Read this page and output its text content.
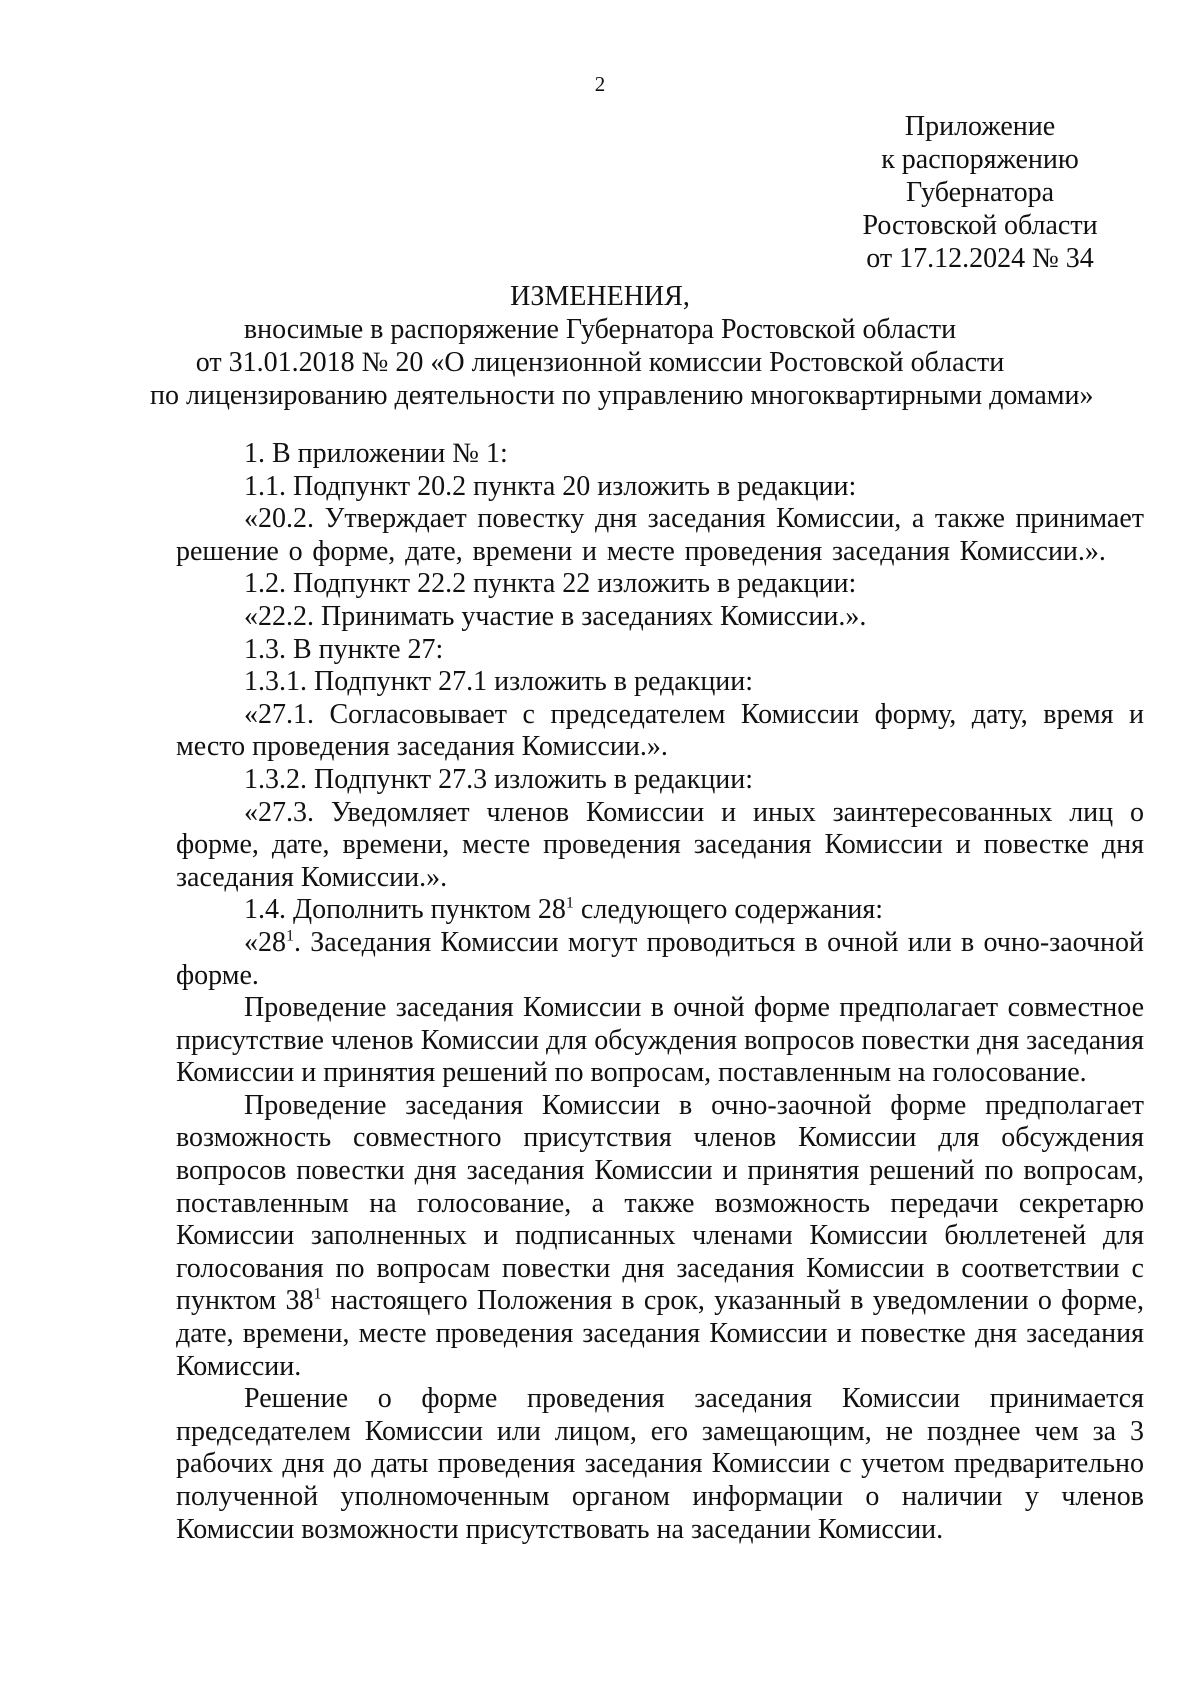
2
Приложение
к распоряжению
Губернатора
Ростовской области
от 17.12.2024 № 34
ИЗМЕНЕНИЯ,
вносимые в распоряжение Губернатора Ростовской области
от 31.01.2018 № 20 «О лицензионной комиссии Ростовской области
по лицензированию деятельности по управлению многоквартирными домами»

1. В приложении № 1:

1.1. Подпункт 20.2 пункта 20 изложить в редакции:

«20.2. Утверждает повестку дня заседания Комиссии, а также принимает решение о форме, дате, времени и месте проведения заседания Комиссии.».

1.2. Подпункт 22.2 пункта 22 изложить в редакции:

«22.2. Принимать участие в заседаниях Комиссии.».

1.3. В пункте 27:

1.3.1. Подпункт 27.1 изложить в редакции:

«27.1. Согласовывает с председателем Комиссии форму, дату, время и место проведения заседания Комиссии.».

1.3.2. Подпункт 27.3 изложить в редакции:

«27.3. Уведомляет членов Комиссии и иных заинтересованных лиц о форме, дате, времени, месте проведения заседания Комиссии и повестке дня заседания Комиссии.».

1.4. Дополнить пунктом $28^1$ следующего содержания:

«$28^1$. Заседания Комиссии могут проводиться в очной или в очно-заочной форме.

Проведение заседания Комиссии в очной форме предполагает совместное присутствие членов Комиссии для обсуждения вопросов повестки дня заседания Комиссии и принятия решений по вопросам, поставленным на голосование.

Проведение заседания Комиссии в очно-заочной форме предполагает возможность совместного присутствия членов Комиссии для обсуждения вопросов повестки дня заседания Комиссии и принятия решений по вопросам, поставленным на голосование, а также возможность передачи секретарю Комиссии заполненных и подписанных членами Комиссии бюллетеней для голосования по вопросам повестки дня заседания Комиссии в соответствии с пунктом $38^1$ настоящего Положения в срок, указанный в уведомлении о форме, дате, времени, месте проведения заседания Комиссии и повестке дня заседания Комиссии.

Решение о форме проведения заседания Комиссии принимается председателем Комиссии или лицом, его замещающим, не позднее чем за 3 рабочих дня до даты проведения заседания Комиссии с учетом предварительно полученной уполномоченным органом информации о наличии у членов Комиссии возможности присутствовать на заседании Комиссии.
